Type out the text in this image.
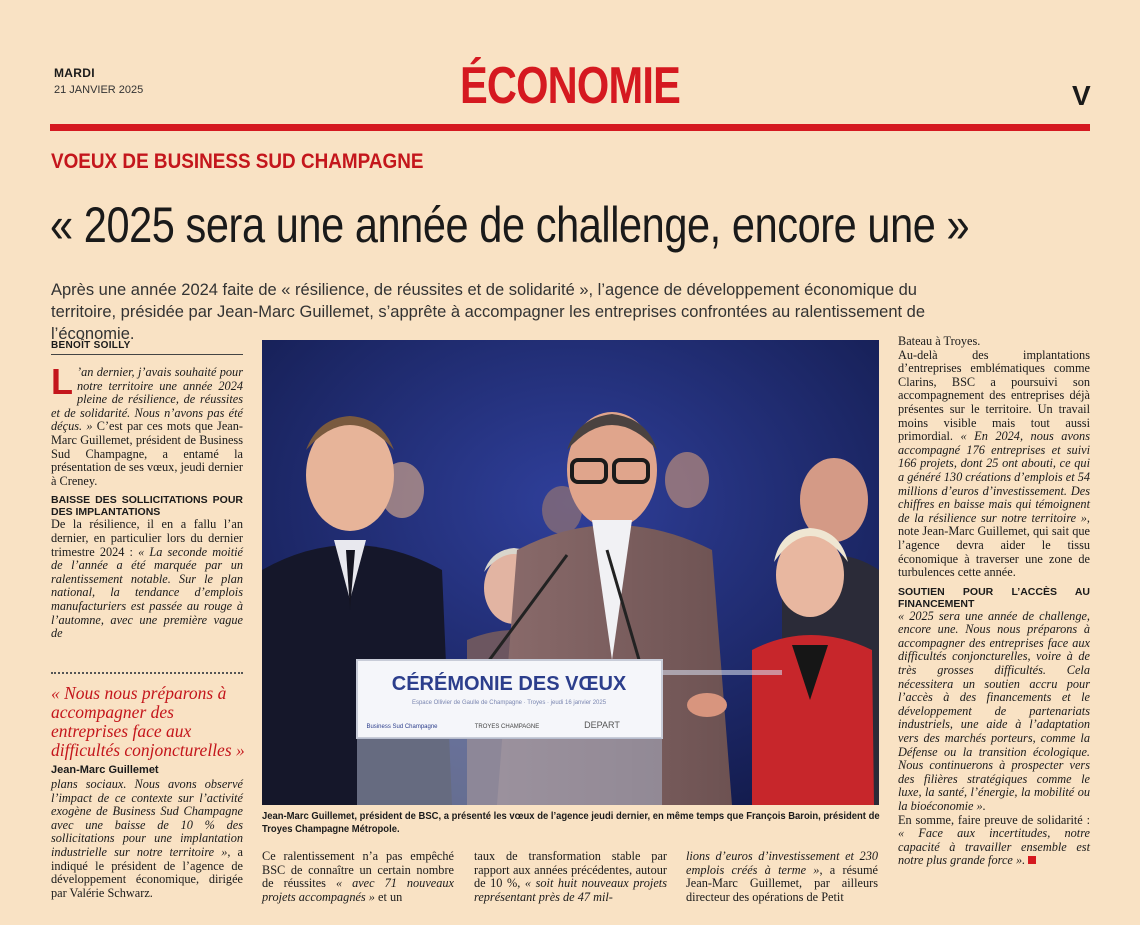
MARDI
21 JANVIER 2025	ÉCONOMIE	V
VOEUX DE BUSINESS SUD CHAMPAGNE
« 2025 sera une année de challenge, encore une »
Après une année 2024 faite de « résilience, de réussites et de solidarité », l’agence de développement économique du territoire, présidée par Jean-Marc Guillemet, s’apprête à accompagner les entreprises confrontées au ralentissement de l’économie.
BENOÎT SOILLY

L ’an dernier, j’avais souhaité pour notre territoire une année 2024 pleine de résilience, de réussites et de solidarité. Nous n’avons pas été déçus. » C’est par ces mots que Jean-Marc Guillemet, président de Business Sud Champagne, a entamé la présentation de ses vœux, jeudi dernier à Creney.

BAISSE DES SOLLICITATIONS POUR DES IMPLANTATIONS

De la résilience, il en a fallu l’an dernier, en particulier lors du dernier trimestre 2024 : « La seconde moitié de l’année a été marquée par un ralentissement notable. Sur le plan national, la tendance d’emplois manufacturiers est passée au rouge à l’automne, avec une première vague de

« Nous nous préparons à accompagner des entreprises face aux difficultés conjoncturelles »
Jean-Marc Guillemet

plans sociaux. Nous avons observé l’impact de ce contexte sur l’activité exogène de Business Sud Champagne avec une baisse de 10 % des sollicitations pour une implantation industrielle sur notre territoire », a indiqué le président de l’agence de développement économique, dirigée par Valérie Schwarz.

CÉRÉMONIE DES VŒUX
Espace Ollivier de Gaulle de Champagne · Troyes · jeudi 16 janvier 2025
Business Sud Champagne	TROYES CHAMPAGNE	DEPART
Jean-Marc Guillemet, président de BSC, a présenté les vœux de l’agence jeudi dernier, en même temps que François Baroin, président de Troyes Champagne Métropole.

Ce ralentissement n’a pas empêché BSC de connaître un certain nombre de réussites « avec 71 nouveaux projets accompagnés » et un

taux de transformation stable par rapport aux années précédentes, autour de 10 %, « soit huit nouveaux projets représentant près de 47 mil-

lions d’euros d’investissement et 230 emplois créés à terme », a résumé Jean-Marc Guillemet, par ailleurs directeur des opérations de Petit

Bateau à Troyes.

Au-delà des implantations d’entreprises emblématiques comme Clarins, BSC a poursuivi son accompagnement des entreprises déjà présentes sur le territoire. Un travail moins visible mais tout aussi primordial. « En 2024, nous avons accompagné 176 entreprises et suivi 166 projets, dont 25 ont abouti, ce qui a généré 130 créations d’emplois et 54 millions d’euros d’investissement. Des chiffres en baisse mais qui témoignent de la résilience sur notre territoire », note Jean-Marc Guillemet, qui sait que l’agence devra aider le tissu économique à traverser une zone de turbulences cette année.

SOUTIEN POUR L’ACCÈS AU FINANCEMENT

« 2025 sera une année de challenge, encore une. Nous nous préparons à accompagner des entreprises face aux difficultés conjoncturelles, voire à de très grosses difficultés. Cela nécessitera un soutien accru pour l’accès à des financements et le développement de partenariats industriels, une aide à l’adaptation vers des marchés porteurs, comme la Défense ou la transition écologique. Nous continuerons à prospecter vers des filières stratégiques comme le luxe, la santé, l’énergie, la mobilité ou la bioéconomie ».

En somme, faire preuve de solidarité : « Face aux incertitudes, notre capacité à travailler ensemble est notre plus grande force ».
